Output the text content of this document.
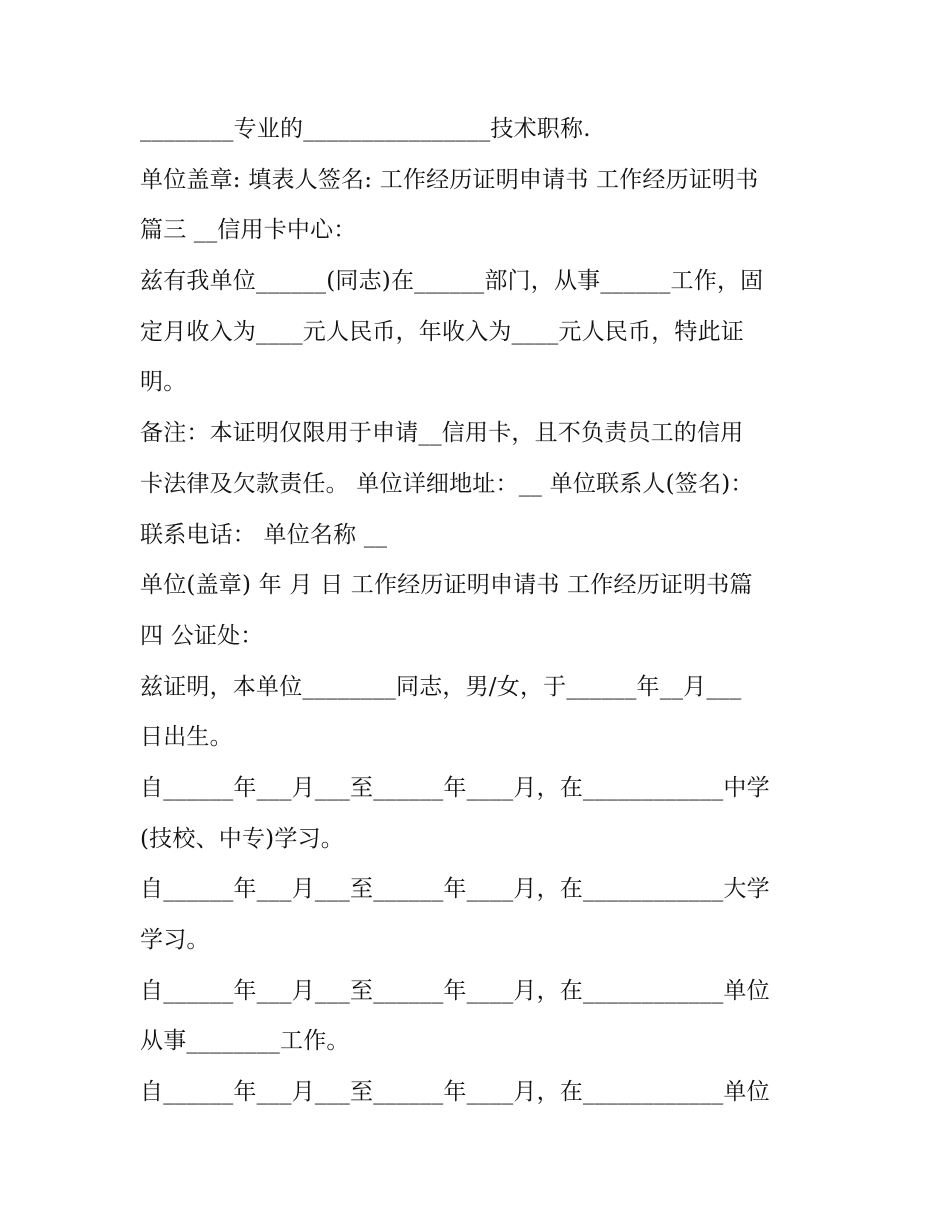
________专业的________________技术职称.
单位盖章: 填表人签名: 工作经历证明申请书 工作经历证明书
篇三 __信用卡中心：
兹有我单位______(同志)在______部门，从事______工作，固
定月收入为____元人民币，年收入为____元人民币，特此证
明。
备注：本证明仅限用于申请__信用卡，且不负责员工的信用
卡法律及欠款责任。 单位详细地址：__ 单位联系人(签名)：
联系电话： 单位名称 __
单位(盖章) 年 月 日 工作经历证明申请书 工作经历证明书篇
四 公证处：
兹证明，本单位________同志，男/女，于______年__月___
日出生。
自______年___月___至______年____月，在____________中学
(技校、中专)学习。
自______年___月___至______年____月，在____________大学
学习。
自______年___月___至______年____月，在____________单位
从事________工作。
自______年___月___至______年____月，在____________单位
